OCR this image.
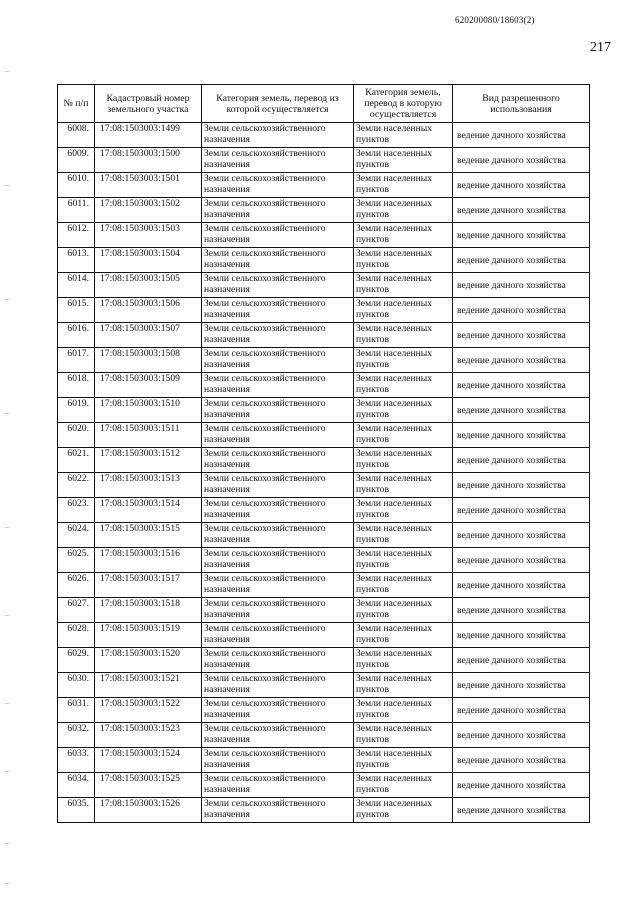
620200080/18603(2)
217
....
....
....
....
....
....
....
....
....
....
№ п/п	Кадастровый номер земельного участка	Категория земель, перевод из которой осуществляется	Категория земель, перевод в которую осуществляется	Вид разрешенного использования
6008.	17:08:1503003:1499	Земли сельскохозяйственного назначения	Земли населенных пунктов	ведение дачного хозяйства
6009.	17:08:1503003:1500	Земли сельскохозяйственного назначения	Земли населенных пунктов	ведение дачного хозяйства
6010.	17:08:1503003:1501	Земли сельскохозяйственного назначения	Земли населенных пунктов	ведение дачного хозяйства
6011.	17:08:1503003:1502	Земли сельскохозяйственного назначения	Земли населенных пунктов	ведение дачного хозяйства
6012.	17:08:1503003:1503	Земли сельскохозяйственного назначения	Земли населенных пунктов	ведение дачного хозяйства
6013.	17:08:1503003:1504	Земли сельскохозяйственного назначения	Земли населенных пунктов	ведение дачного хозяйства
6014.	17:08:1503003:1505	Земли сельскохозяйственного назначения	Земли населенных пунктов	ведение дачного хозяйства
6015.	17:08:1503003:1506	Земли сельскохозяйственного назначения	Земли населенных пунктов	ведение дачного хозяйства
6016.	17:08:1503003:1507	Земли сельскохозяйственного назначения	Земли населенных пунктов	ведение дачного хозяйства
6017.	17:08:1503003:1508	Земли сельскохозяйственного назначения	Земли населенных пунктов	ведение дачного хозяйства
6018.	17:08:1503003:1509	Земли сельскохозяйственного назначения	Земли населенных пунктов	ведение дачного хозяйства
6019.	17:08:1503003:1510	Земли сельскохозяйственного назначения	Земли населенных пунктов	ведение дачного хозяйства
6020.	17:08:1503003:1511	Земли сельскохозяйственного назначения	Земли населенных пунктов	ведение дачного хозяйства
6021.	17:08:1503003:1512	Земли сельскохозяйственного назначения	Земли населенных пунктов	ведение дачного хозяйства
6022.	17:08:1503003:1513	Земли сельскохозяйственного назначения	Земли населенных пунктов	ведение дачного хозяйства
6023.	17:08:1503003:1514	Земли сельскохозяйственного назначения	Земли населенных пунктов	ведение дачного хозяйства
6024.	17:08:1503003:1515	Земли сельскохозяйственного назначения	Земли населенных пунктов	ведение дачного хозяйства
6025.	17:08:1503003:1516	Земли сельскохозяйственного назначения	Земли населенных пунктов	ведение дачного хозяйства
6026.	17:08:1503003:1517	Земли сельскохозяйственного назначения	Земли населенных пунктов	ведение дачного хозяйства
6027.	17:08:1503003:1518	Земли сельскохозяйственного назначения	Земли населенных пунктов	ведение дачного хозяйства
6028.	17:08:1503003:1519	Земли сельскохозяйственного назначения	Земли населенных пунктов	ведение дачного хозяйства
6029.	17:08:1503003:1520	Земли сельскохозяйственного назначения	Земли населенных пунктов	ведение дачного хозяйства
6030.	17:08:1503003:1521	Земли сельскохозяйственного назначения	Земли населенных пунктов	ведение дачного хозяйства
6031.	17:08:1503003:1522	Земли сельскохозяйственного назначения	Земли населенных пунктов	ведение дачного хозяйства
6032.	17:08:1503003:1523	Земли сельскохозяйственного назначения	Земли населенных пунктов	ведение дачного хозяйства
6033.	17:08:1503003:1524	Земли сельскохозяйственного назначения	Земли населенных пунктов	ведение дачного хозяйства
6034.	17:08:1503003:1525	Земли сельскохозяйственного назначения	Земли населенных пунктов	ведение дачного хозяйства
6035.	17:08:1503003:1526	Земли сельскохозяйственного назначения	Земли населенных пунктов	ведение дачного хозяйства
